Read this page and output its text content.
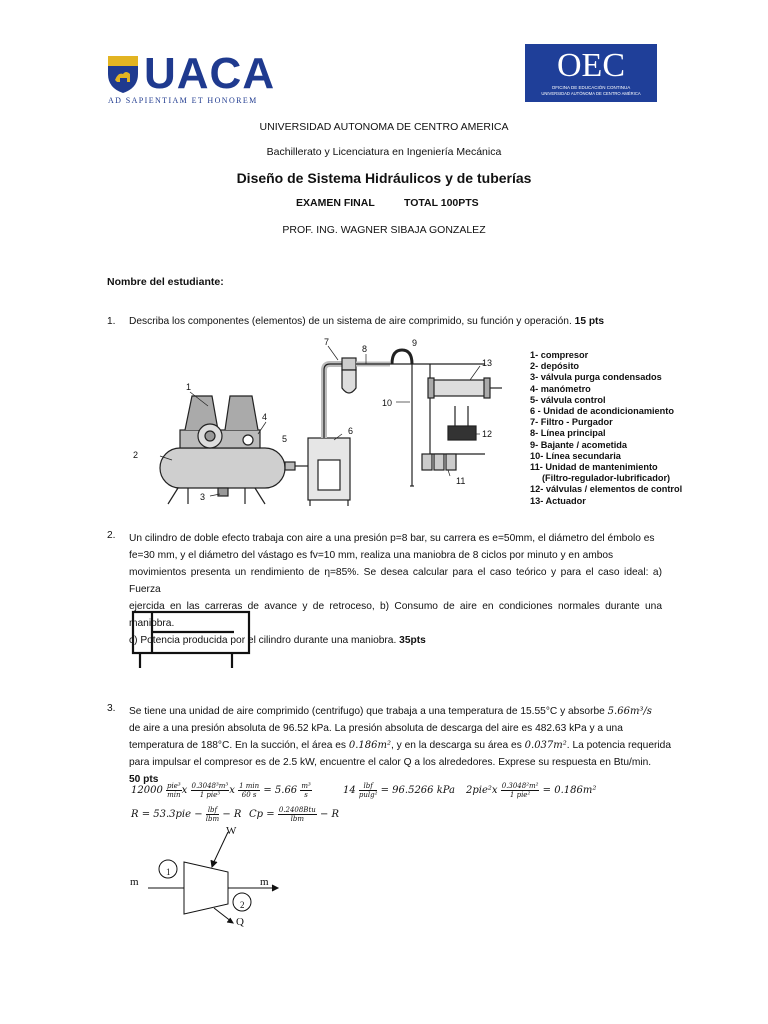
UACA
AD SAPIENTIAM ET HONOREM
OEC
OFICINA DE EDUCACIÓN CONTINUA
UNIVERSIDAD AUTÓNOMA DE CENTRO AMÉRICA
UNIVERSIDAD AUTONOMA DE CENTRO AMERICA
Bachillerato y Licenciatura en Ingeniería Mecánica
Diseño de Sistema Hidráulicos y de tuberías
EXAMEN FINAL	TOTAL 100PTS
PROF. ING. WAGNER SIBAJA GONZALEZ
Nombre del estudiante:
1. Describa los componentes (elementos) de un sistema de aire comprimido, su función y operación. 15 pts
1
2
3
4
5
6
7
8
9
10
11
12
13
1- compresor
2- depósito
3- válvula purga condensados
4- manómetro
5- válvula control
6 - Unidad de acondicionamiento
7- Filtro - Purgador
8- Línea principal
9- Bajante / acometida
10- Línea secundaria
11- Unidad de mantenimiento
(Filtro-regulador-lubrificador)
12- válvulas / elementos de control
13- Actuador
2. Un cilindro de doble efecto trabaja con aire a una presión p=8 bar, su carrera es e=50mm, el diámetro del émbolo es
fe=30 mm, y el diámetro del vástago es fv=10 mm, realiza una maniobra de 8 ciclos por minuto y en ambos
movimientos presenta un rendimiento de η=85%. Se desea calcular para el caso teórico y para el caso ideal: a) Fuerza
ejercida en las carreras de avance y de retroceso, b) Consumo de aire en condiciones normales durante una maniobra.
c) Potencia producida por el cilindro durante una maniobra. 35pts
3. Se tiene una unidad de aire comprimido (centrifugo) que trabaja a una temperatura de 15.55°C y absorbe 5.66m³/s
de aire a una presión absoluta de 96.52 kPa. La presión absoluta de descarga del aire es 482.63 kPa y a una
temperatura de 188°C. En la succión, el área es 0.186m², y en la descarga su área es 0.037m². La potencia requerida
para impulsar el compresor es de 2.5 kW, encuentre el calor Q a los alrededores. Exprese su respuesta en Btu/min.
50 pts
$12000 \frac{\text{pie³}}{\min}$ x $\frac{\text{0.3048³m³}}{\text{1 pie³}}$ x $\frac{1 \min}{60 s} = 5.66 \frac{\text{m³}}{s}$	$14 \frac{\text{lbf}}{\text{pulg²}} = 96.5266$ kPa $2pie^2x \frac{\text{0.3048²m²}}{\text{1 pie²}} = 0.186m^2$
$R = 53.3pie - \frac{\text{lbf}}{\text{lbm}} - R$ $Cp = \frac{\text{0.2408Btu}}{\text{lbm}} - R$
W
m	m
1
2
Q
